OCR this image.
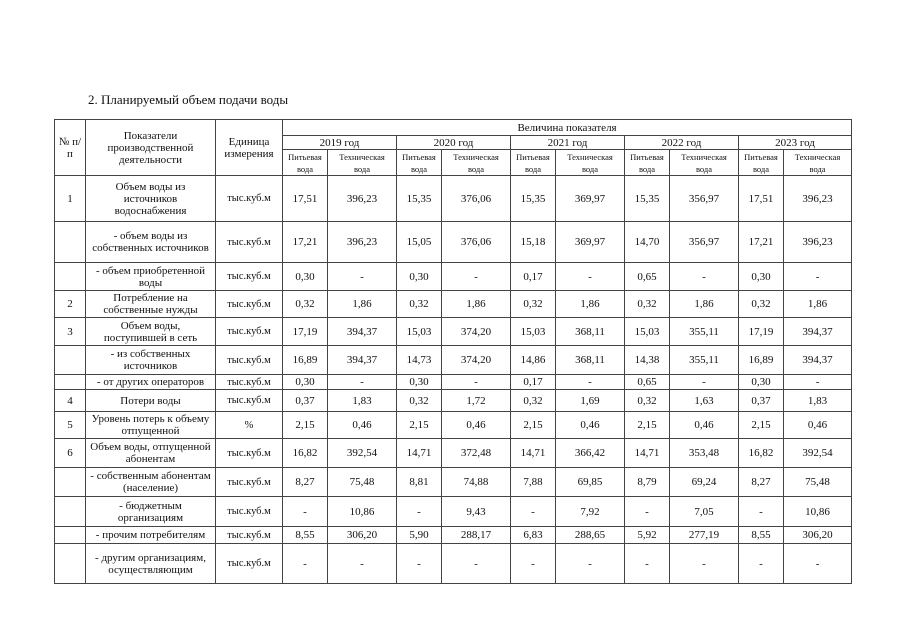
2. Планируемый объем подачи воды
№ п/п	Показатели производственной деятельности	Единица измерения	Величина показателя									
			2019 год		2020 год		2021 год		2022 год		2023 год	
			Питьевая вода	Техническая вода	Питьевая вода	Техническая вода	Питьевая вода	Техническая вода	Питьевая вода	Техническая вода	Питьевая вода	Техническая вода
1	Объем воды из источников водоснабжения	тыс.куб.м	17,51	396,23	15,35	376,06	15,35	369,97	15,35	356,97	17,51	396,23
	- объем воды из собственных источников	тыс.куб.м	17,21	396,23	15,05	376,06	15,18	369,97	14,70	356,97	17,21	396,23
	- объем приобретенной воды	тыс.куб.м	0,30	-	0,30	-	0,17	-	0,65	-	0,30	-
2	Потребление на собственные нужды	тыс.куб.м	0,32	1,86	0,32	1,86	0,32	1,86	0,32	1,86	0,32	1,86
3	Объем воды, поступившей в сеть	тыс.куб.м	17,19	394,37	15,03	374,20	15,03	368,11	15,03	355,11	17,19	394,37
	- из собственных источников	тыс.куб.м	16,89	394,37	14,73	374,20	14,86	368,11	14,38	355,11	16,89	394,37
	- от других операторов	тыс.куб.м	0,30	-	0,30	-	0,17	-	0,65	-	0,30	-
4	Потери воды	тыс.куб.м	0,37	1,83	0,32	1,72	0,32	1,69	0,32	1,63	0,37	1,83
5	Уровень потерь к объему отпущенной	%	2,15	0,46	2,15	0,46	2,15	0,46	2,15	0,46	2,15	0,46
6	Объем воды, отпущенной абонентам	тыс.куб.м	16,82	392,54	14,71	372,48	14,71	366,42	14,71	353,48	16,82	392,54
	- собственным абонентам (население)	тыс.куб.м	8,27	75,48	8,81	74,88	7,88	69,85	8,79	69,24	8,27	75,48
	- бюджетным организациям	тыс.куб.м	-	10,86	-	9,43	-	7,92	-	7,05	-	10,86
	- прочим потребителям	тыс.куб.м	8,55	306,20	5,90	288,17	6,83	288,65	5,92	277,19	8,55	306,20
	- другим организациям, осуществляющим	тыс.куб.м	-	-	-	-	-	-	-	-	-	-
